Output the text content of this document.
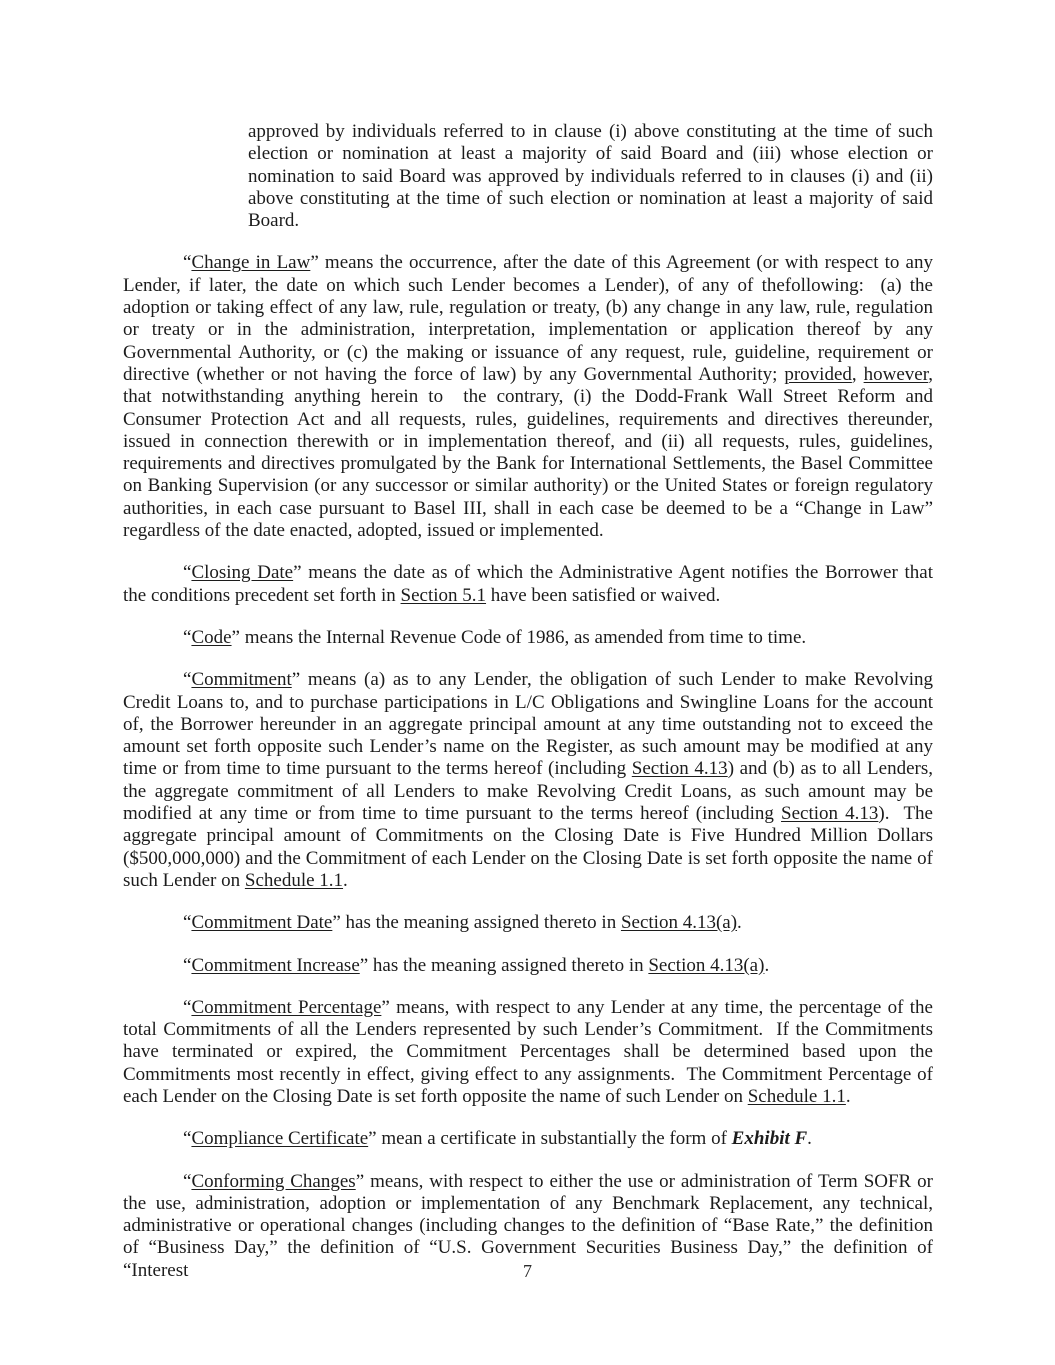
approved by individuals referred to in clause (i) above constituting at the time of such election or nomination at least a majority of said Board and (iii) whose election or nomination to said Board was approved by individuals referred to in clauses (i) and (ii) above constituting at the time of such election or nomination at least a majority of said Board.

“Change in Law” means the occurrence, after the date of this Agreement (or with respect to any Lender, if later, the date on which such Lender becomes a Lender), of any of thefollowing:  (a) the adoption or taking effect of any law, rule, regulation or treaty, (b) any change in any law, rule, regulation or treaty or in the administration, interpretation, implementation or application thereof by any Governmental Authority, or (c) the making or issuance of any request, rule, guideline, requirement or directive (whether or not having the force of law) by any Governmental Authority; provided, however, that notwithstanding anything herein to  the contrary, (i) the Dodd-Frank Wall Street Reform and Consumer Protection Act and all requests, rules, guidelines, requirements and directives thereunder, issued in connection therewith or in implementation thereof, and (ii) all requests, rules, guidelines, requirements and directives promulgated by the Bank for International Settlements, the Basel Committee on Banking Supervision (or any successor or similar authority) or the United States or foreign regulatory authorities, in each case pursuant to Basel III, shall in each case be deemed to be a “Change in Law” regardless of the date enacted, adopted, issued or implemented.

“Closing Date” means the date as of which the Administrative Agent notifies the Borrower that the conditions precedent set forth in Section 5.1 have been satisfied or waived.

“Code” means the Internal Revenue Code of 1986, as amended from time to time.

“Commitment” means (a) as to any Lender, the obligation of such Lender to make Revolving Credit Loans to, and to purchase participations in L/C Obligations and Swingline Loans for the account of, the Borrower hereunder in an aggregate principal amount at any time outstanding not to exceed the amount set forth opposite such Lender’s name on the Register, as such amount may be modified at any time or from time to time pursuant to the terms hereof (including Section 4.13) and (b) as to all Lenders, the aggregate commitment of all Lenders to make Revolving Credit Loans, as such amount may be modified at any time or from time to time pursuant to the terms hereof (including Section 4.13).  The aggregate principal amount of Commitments on the Closing Date is Five Hundred Million Dollars ($500,000,000) and the Commitment of each Lender on the Closing Date is set forth opposite the name of such Lender on Schedule 1.1.

“Commitment Date” has the meaning assigned thereto in Section 4.13(a).

“Commitment Increase” has the meaning assigned thereto in Section 4.13(a).

“Commitment Percentage” means, with respect to any Lender at any time, the percentage of the total Commitments of all the Lenders represented by such Lender’s Commitment.  If the Commitments have terminated or expired, the Commitment Percentages shall be determined based upon the Commitments most recently in effect, giving effect to any assignments.  The Commitment Percentage of each Lender on the Closing Date is set forth opposite the name of such Lender on Schedule 1.1.

“Compliance Certificate” mean a certificate in substantially the form of Exhibit F.

“Conforming Changes” means, with respect to either the use or administration of Term SOFR or the use, administration, adoption or implementation of any Benchmark Replacement, any technical, administrative or operational changes (including changes to the definition of “Base Rate,” the definition of “Business Day,” the definition of “U.S. Government Securities Business Day,” the definition of “Interest	7
